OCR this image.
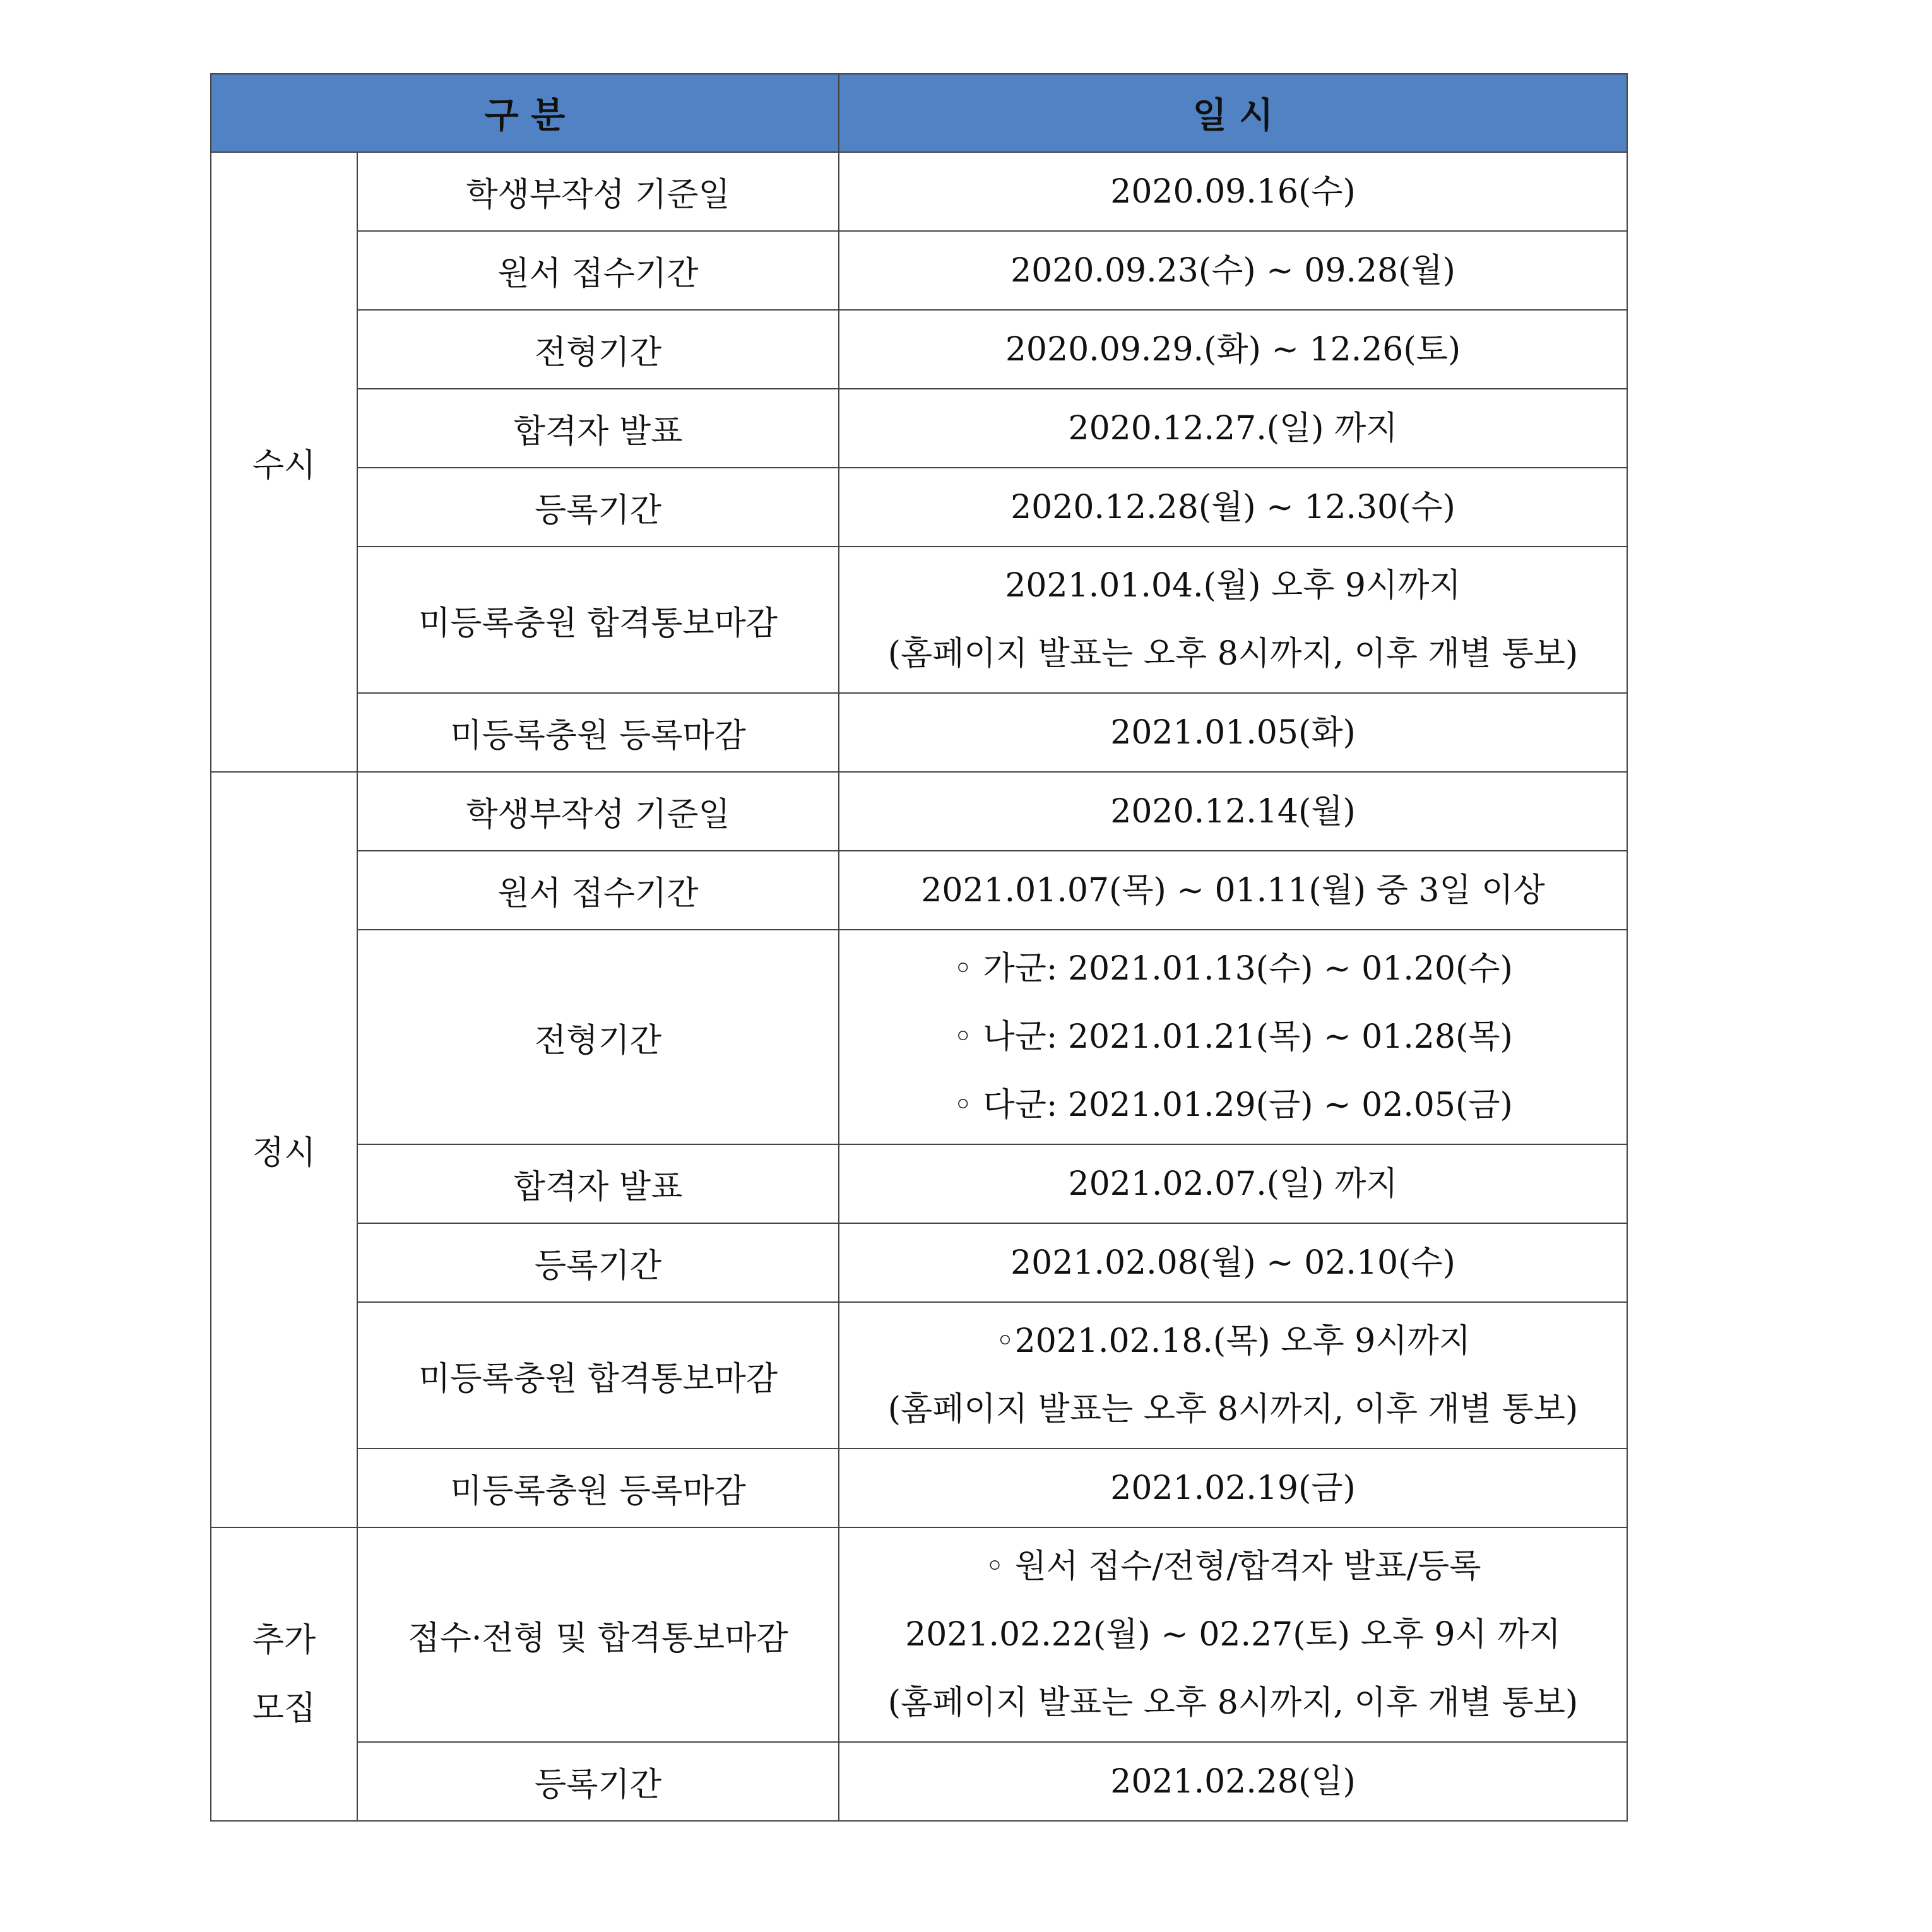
구 분		일 시
수시	학생부작성 기준일	2020.09.16(수)

	원서 접수기간	2020.09.23(수) ~ 09.28(월)

	전형기간	2020.09.29.(화) ~ 12.26(토)

	합격자 발표	2020.12.27.(일) 까지

	등록기간	2020.12.28(월) ~ 12.30(수)

	미등록충원 합격통보마감	2021.01.04.(월) 오후 9시까지
(홈페이지 발표는 오후 8시까지, 이후 개별 통보)

	미등록충원 등록마감	2021.01.05(화)

정시	학생부작성 기준일	2020.12.14(월)

	원서 접수기간	2021.01.07(목) ~ 01.11(월) 중 3일 이상

	전형기간	◦ 가군: 2021.01.13(수) ~ 01.20(수)
◦ 나군: 2021.01.21(목) ~ 01.28(목)
◦ 다군: 2021.01.29(금) ~ 02.05(금)

	합격자 발표	2021.02.07.(일) 까지

	등록기간	2021.02.08(월) ~ 02.10(수)

	미등록충원 합격통보마감	◦2021.02.18.(목) 오후 9시까지
(홈페이지 발표는 오후 8시까지, 이후 개별 통보)

	미등록충원 등록마감	2021.02.19(금)

추가
모집	접수·전형 및 합격통보마감	◦ 원서 접수/전형/합격자 발표/등록
2021.02.22(월) ~ 02.27(토) 오후 9시 까지
(홈페이지 발표는 오후 8시까지, 이후 개별 통보)

	등록기간	2021.02.28(일)
